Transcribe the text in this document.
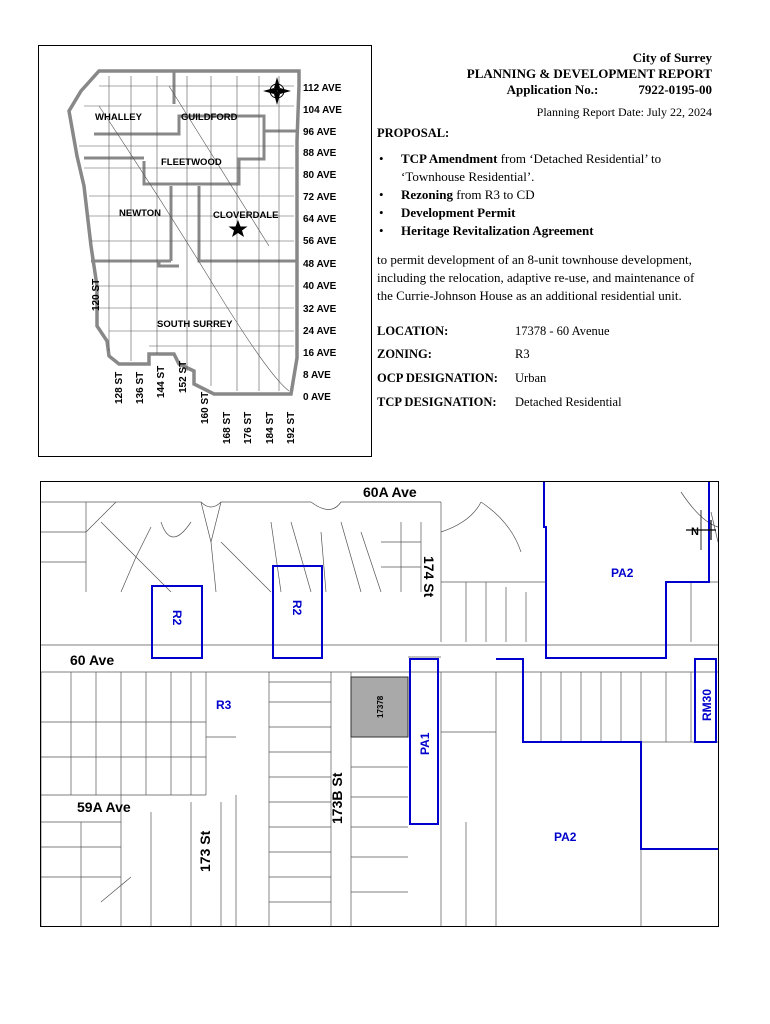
N
WHALLEY	GUILDFORD
FLEETWOOD
NEWTON	CLOVERDALE
SOUTH SURREY
112 AVE
104 AVE
96 AVE
88 AVE
80 AVE
72 AVE
64 AVE
56 AVE
48 AVE
40 AVE
32 AVE
24 AVE
16 AVE
8 AVE
0 AVE
120 ST
128 ST 136 ST 144 ST 152 ST
160 ST
168 ST 176 ST 184 ST 192 ST
City of Surrey
PLANNING & DEVELOPMENT REPORT
Application No.:	7922-0195-00
Planning Report Date: July 22, 2024
PROPOSAL:
• TCP Amendment from ‘Detached Residential’ to ‘Townhouse Residential’.
• Rezoning from R3 to CD
• Development Permit
• Heritage Revitalization Agreement
to permit development of an 8-unit townhouse development, including the relocation, adaptive re-use, and maintenance of the Currie-Johnson House as an additional residential unit.
LOCATION:	17378 - 60 Avenue
ZONING:	R3
OCP DESIGNATION: Urban
TCP DESIGNATION: Detached Residential
N
60A Ave
174 St
60 Ave
173B St
59A Ave
173 St
R2
R2
PA2
R3
PA1
RM30
PA2
17378
